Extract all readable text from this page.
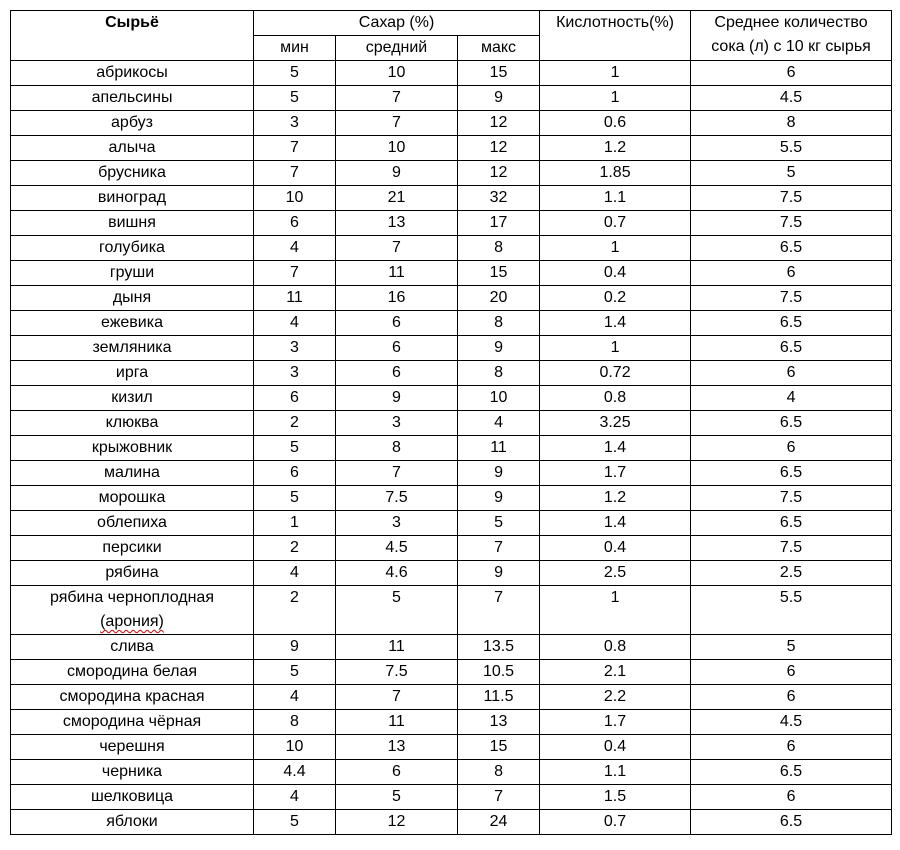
Сырьё	Сахар (%)			Кислотность(%)	Среднее количество
сока (л) с 10 кг сырья
	мин	средний	макс		
абрикосы	5	10	15	1	6
апельсины	5	7	9	1	4.5
арбуз	3	7	12	0.6	8
алыча	7	10	12	1.2	5.5
брусника	7	9	12	1.85	5
виноград	10	21	32	1.1	7.5
вишня	6	13	17	0.7	7.5
голубика	4	7	8	1	6.5
груши	7	11	15	0.4	6
дыня	11	16	20	0.2	7.5
ежевика	4	6	8	1.4	6.5
земляника	3	6	9	1	6.5
ирга	3	6	8	0.72	6
кизил	6	9	10	0.8	4
клюква	2	3	4	3.25	6.5
крыжовник	5	8	11	1.4	6
малина	6	7	9	1.7	6.5
морошка	5	7.5	9	1.2	7.5
облепиха	1	3	5	1.4	6.5
персики	2	4.5	7	0.4	7.5
рябина	4	4.6	9	2.5	2.5
рябина черноплодная
(арония)	2	5	7	1	5.5
слива	9	11	13.5	0.8	5
смородина белая	5	7.5	10.5	2.1	6
смородина красная	4	7	11.5	2.2	6
смородина чёрная	8	11	13	1.7	4.5
черешня	10	13	15	0.4	6
черника	4.4	6	8	1.1	6.5
шелковица	4	5	7	1.5	6
яблоки	5	12	24	0.7	6.5
